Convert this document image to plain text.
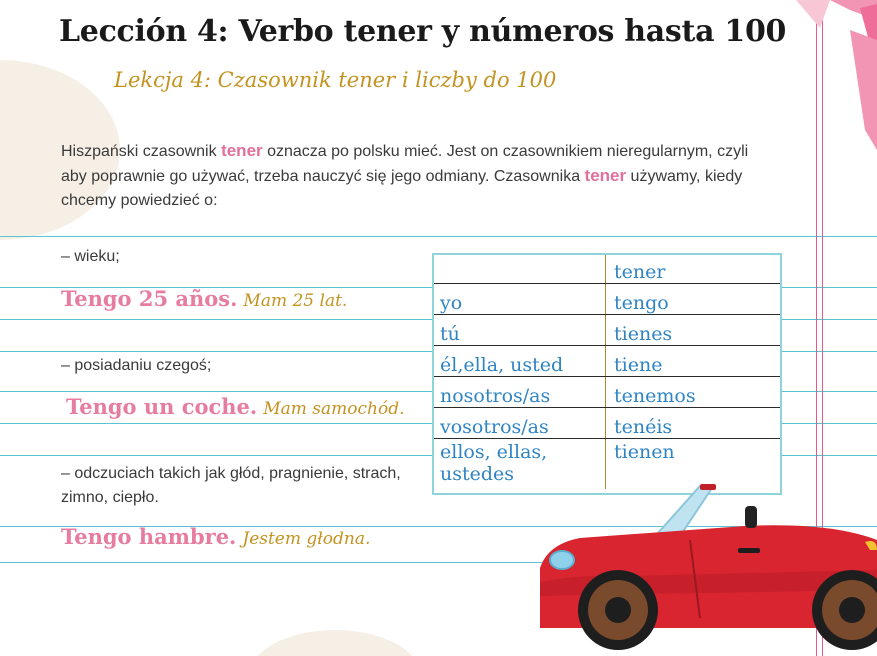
Lección 4: Verbo tener y números hasta 100
Lekcja 4: Czasownik tener i liczby do 100

Hiszpański czasownik tener oznacza po polsku mieć. Jest on czasownikiem nieregularnym, czyli aby poprawnie go używać, trzeba nauczyć się jego odmiany. Czasownika tener używamy, kiedy chcemy powiedzieć o:

– wieku;
Tengo 25 años. Mam 25 lat.
– posiadaniu czegoś;
Tengo un coche. Mam samochód.
– odczuciach takich jak głód, pragnienie, strach, zimno, ciepło.
Tengo hambre. Jestem głodna.
	tener
yo	tengo
tú	tienes
él,ella, usted	tiene
nosotros/as	tenemos
vosotros/as	tenéis
ellos, ellas, ustedes	tienen
